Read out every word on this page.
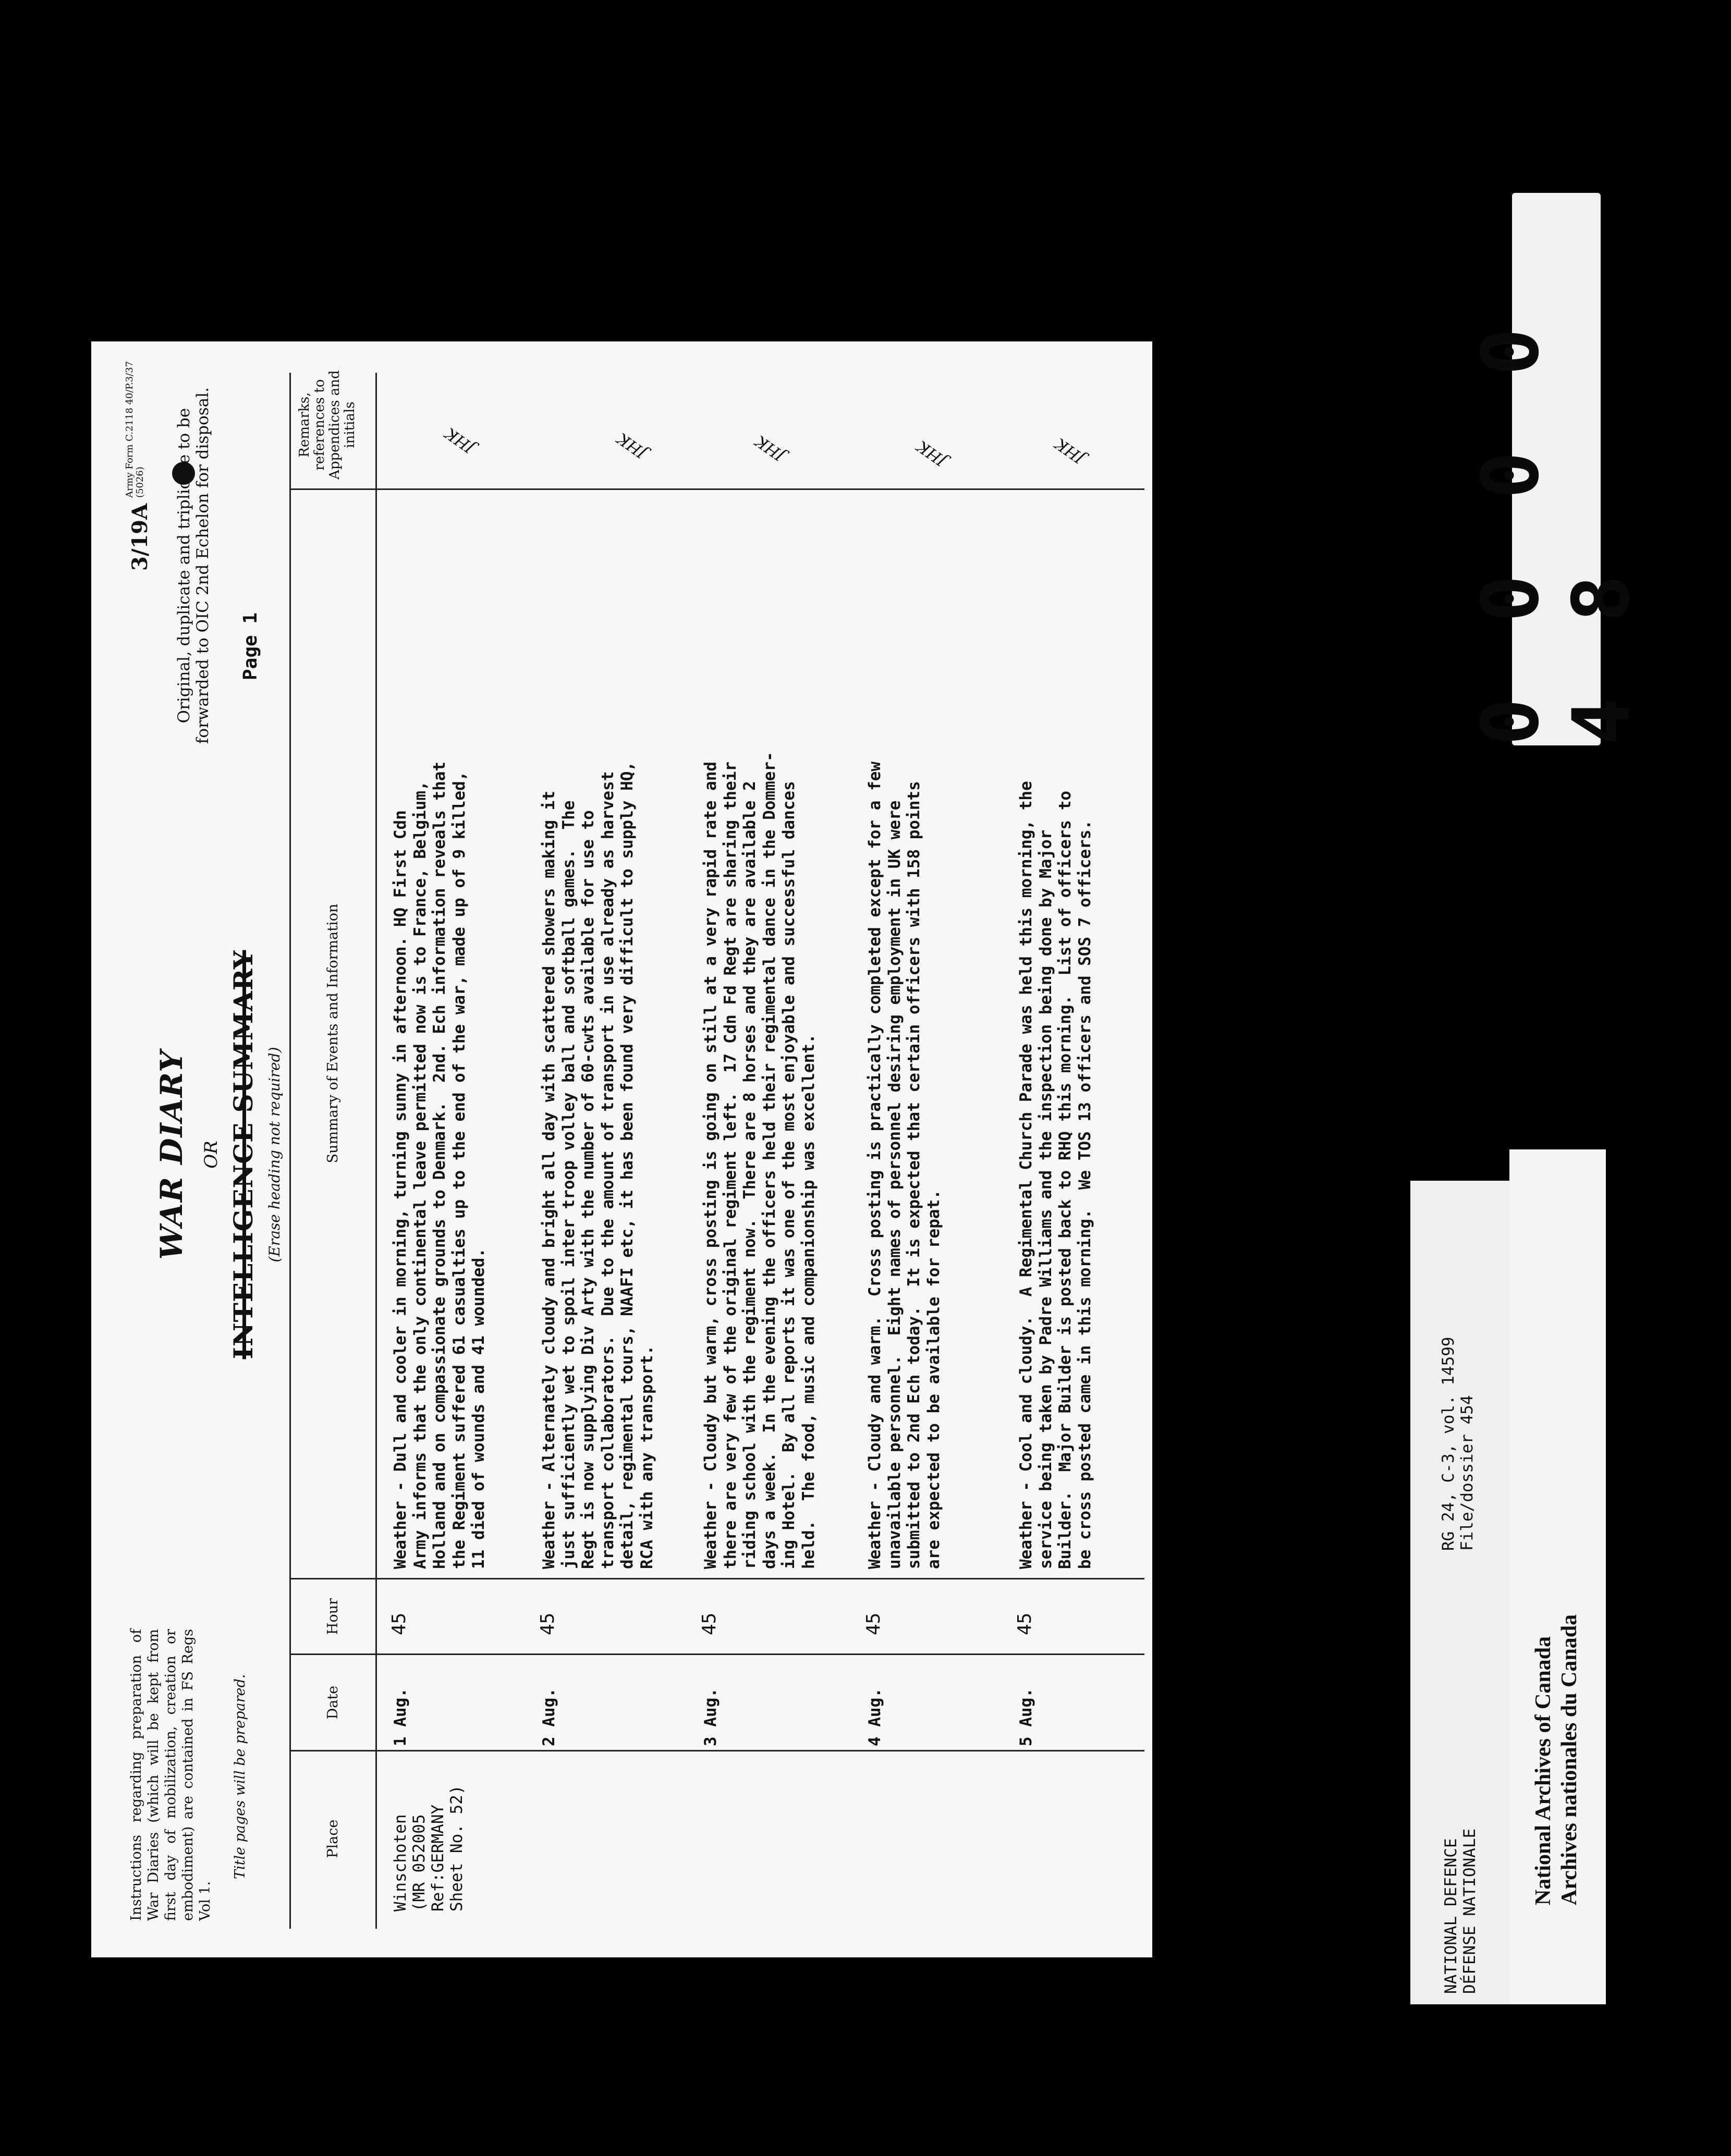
Instructions regarding preparation of War Diaries (which will be kept from first day of mobilization, creation or embodiment) are contained in FS Regs Vol 1.
Title pages will be prepared.
3/19A
Army Form C.2118 40/P.3/37 (5026) Original, duplicate and triplicate to be forwarded to OIC 2nd Echelon for disposal.
WAR DIARY OR INTELLIGENCE SUMMARY (Erase heading not required)
Page 1
Place
Date
Hour
Summary of Events and Information
Remarks, references to Appendices and initials
Winschoten
(MR 052005
Ref:GERMANY
Sheet No. 52)
1 Aug.
45
Weather - Dull and cooler in morning, turning sunny in afternoon. HQ First Cdn
Army informs that the only continental leave permitted now is to France, Belgium,
Holland and on compassionate grounds to Denmark.  2nd. Ech information reveals that
the Regiment suffered 61 casualties up to the end of the war, made up of 9 killed,
11 died of wounds and 41 wounded.
JHK
2 Aug.
45
Weather - Alternately cloudy and bright all day with scattered showers making it
just sufficiently wet to spoil inter troop volley ball and softball games.  The
Regt is now supplying Div Arty with the number of 60-cwts available for use to
transport collaborators.  Due to the amount of transport in use already as harvest
detail, regimental tours, NAAFI etc, it has been found very difficult to supply HQ,
RCA with any transport.
JHK
3 Aug.
45
Weather - Cloudy but warm, cross posting is going on still at a very rapid rate and
there are very few of the original regiment left.  17 Cdn Fd Regt are sharing their
riding school with the regiment now.  There are 8 horses and they are available 2
days a week.  In the evening the officers held their regimental dance in the Dommer-
ing Hotel.  By all reports it was one of the most enjoyable and successful dances
held.  The food, music and companionship was excellent.
JHK
4 Aug.
45
Weather - Cloudy and warm.  Cross posting is practically completed except for a few
unavailable personnel.  Eight names of personnel desiring employment in UK were
submitted to 2nd Ech today.  It is expected that certain officers with 158 points
are expected to be available for repat.
JHK
5 Aug.
45
Weather - Cool and cloudy.  A Regimental Church Parade was held this morning, the
service being taken by Padre Williams and the inspection being done by Major
Builder.  Major Builder is posted back to RHQ this morning.  List of officers to
be cross posted came in this morning.  We TOS 13 officers and SOS 7 officers.
JHK	0 0 0 0 4 8
NATIONAL DEFENCE
DÉFENSE NATIONALE
RG 24, C-3, vol. 14599
File/dossier 454
National Archives of Canada
Archives nationales du Canada
